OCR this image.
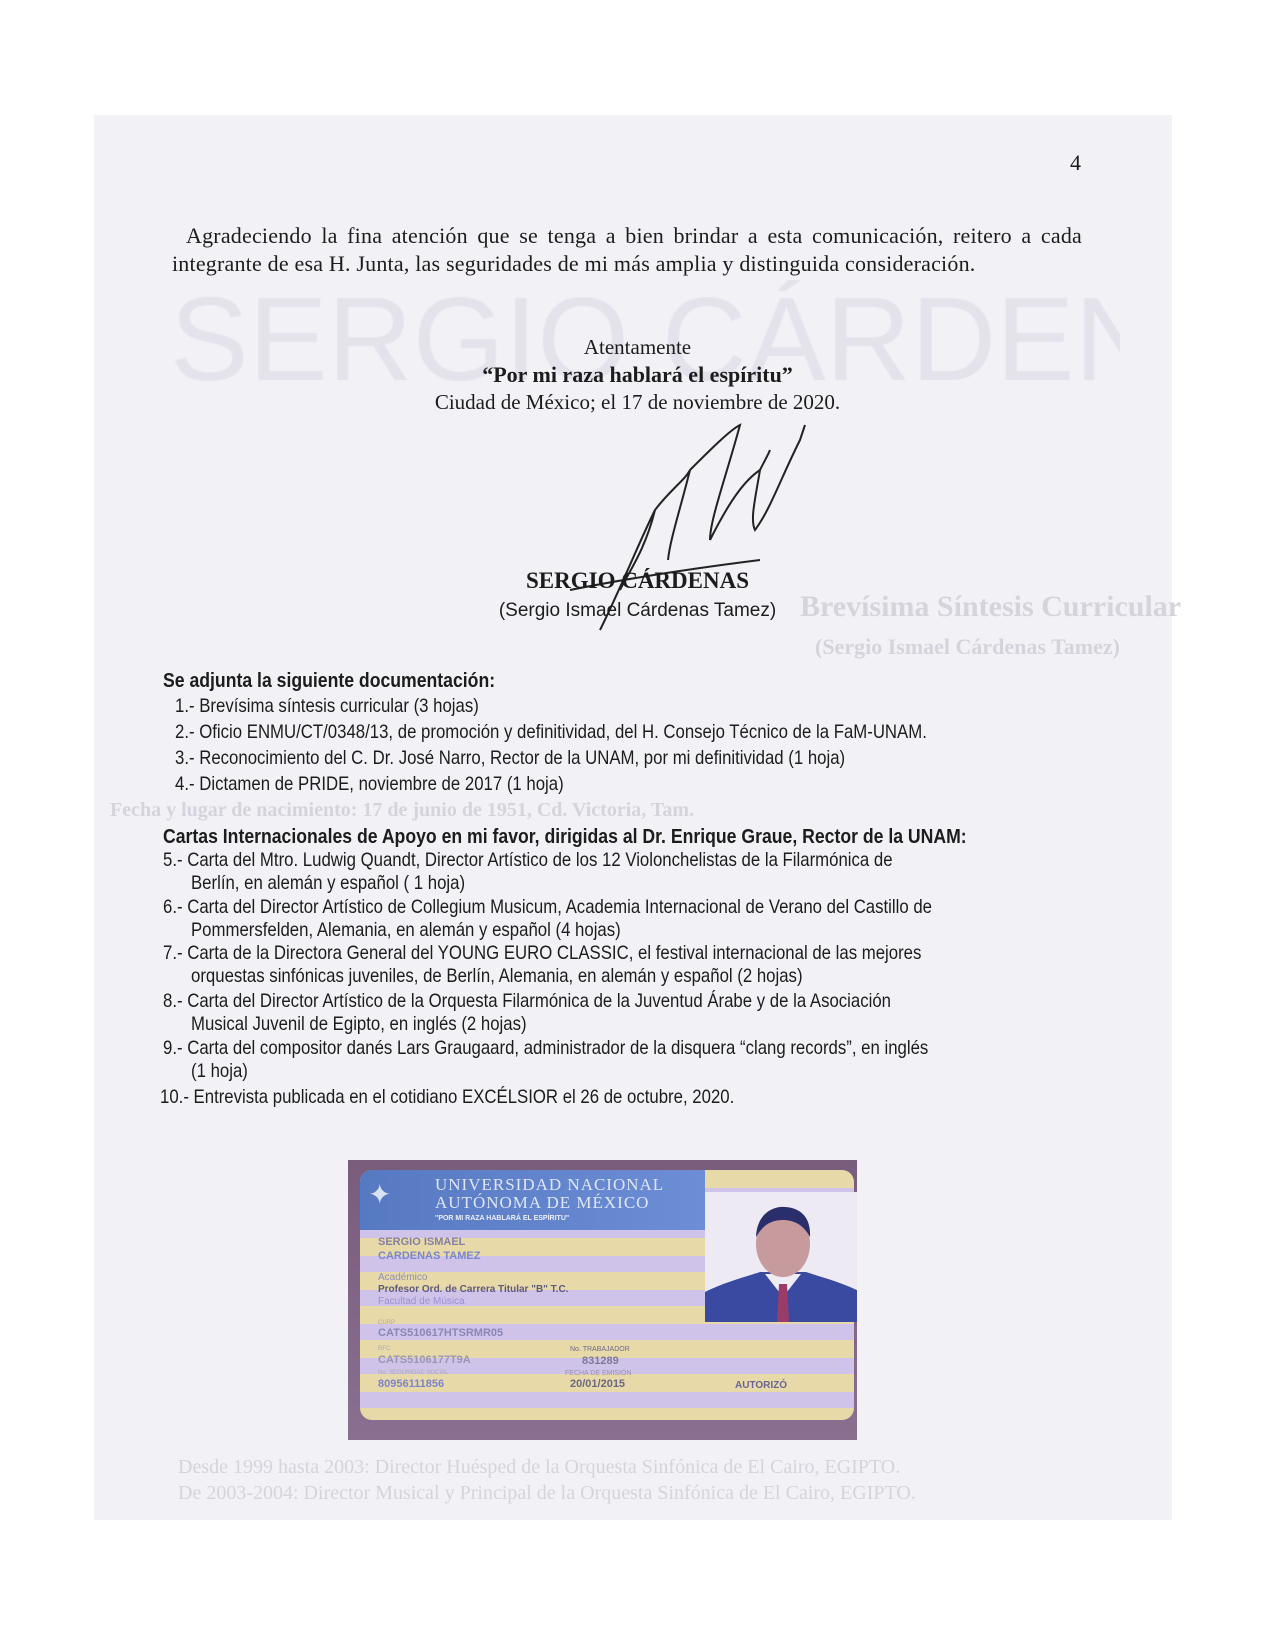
Brevísima Síntesis Curricular
(Sergio Ismael Cárdenas Tamez)
Fecha y lugar de nacimiento: 17 de junio de 1951, Cd. Victoria, Tam.
Desde 1999 hasta 2003: Director Huésped de la Orquesta Sinfónica de El Cairo, EGIPTO.
De 2003-2004: Director Musical y Principal de la Orquesta Sinfónica de El Cairo, EGIPTO.
4

Agradeciendo la fina atención que se tenga a bien brindar a esta comunicación, reitero a cada integrante de esa H. Junta, las seguridades de mi más amplia y distinguida consideración.

Atentamente
“Por mi raza hablará el espíritu”
Ciudad de México; el 17 de noviembre de 2020.
SERGIO CÁRDENAS
(Sergio Ismael Cárdenas Tamez)
Se adjunta la siguiente documentación:
1.- Brevísima síntesis curricular (3 hojas)
2.- Oficio ENMU/CT/0348/13, de promoción y definitividad, del H. Consejo Técnico de la FaM-UNAM.
3.- Reconocimiento del C. Dr. José Narro, Rector de la UNAM, por mi definitividad (1 hoja)
4.- Dictamen de PRIDE, noviembre de 2017 (1 hoja)
Cartas Internacionales de Apoyo en mi favor, dirigidas al Dr. Enrique Graue, Rector de la UNAM:
5.- Carta del Mtro. Ludwig Quandt, Director Artístico de los 12 Violonchelistas de la Filarmónica de
Berlín, en alemán y español ( 1 hoja)
6.- Carta del Director Artístico de Collegium Musicum, Academia Internacional de Verano del Castillo de
Pommersfelden, Alemania, en alemán y español (4 hojas)
7.- Carta de la Directora General del YOUNG EURO CLASSIC, el festival internacional de las mejores
orquestas sinfónicas juveniles, de Berlín, Alemania, en alemán y español (2 hojas)
8.- Carta del Director Artístico de la Orquesta Filarmónica de la Juventud Árabe y de la Asociación
Musical Juvenil de Egipto, en inglés (2 hojas)
9.- Carta del compositor danés Lars Graugaard, administrador de la disquera “clang records”, en inglés
(1 hoja)
10.- Entrevista publicada en el cotidiano EXCÉLSIOR el 26 de octubre, 2020.
✦	UNIVERSIDAD NACIONAL
AUTÓNOMA DE MÉXICO
"POR MI RAZA HABLARÁ EL ESPÍRITU"
SERGIO ISMAEL
CARDENAS TAMEZ
Académico
Profesor Ord. de Carrera Titular "B" T.C.
Facultad de Música
CURP
CATS510617HTSRMR05
RFC
CATS5106177T9A
No. SEGURIDAD SOCIAL
80956111856
No. TRABAJADOR
831289
FECHA DE EMISIÓN
20/01/2015	AUTORIZÓ
